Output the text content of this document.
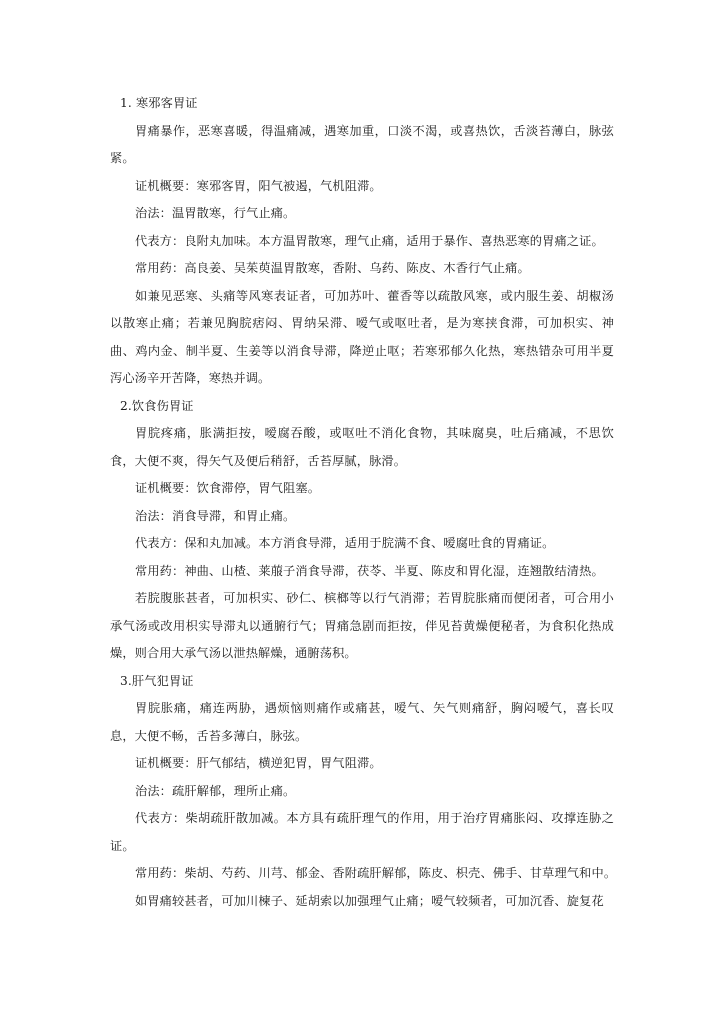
1. 寒邪客胃证

胃痛暴作，恶寒喜暖，得温痛减，遇寒加重，口淡不渴，或喜热饮，舌淡苔薄白，脉弦紧。

证机概要：寒邪客胃，阳气被遏，气机阻滞。

治法：温胃散寒，行气止痛。

代表方：良附丸加味。本方温胃散寒，理气止痛，适用于暴作、喜热恶寒的胃痛之证。

常用药：高良姜、吴茱萸温胃散寒，香附、乌药、陈皮、木香行气止痛。

如兼见恶寒、头痛等风寒表证者，可加苏叶、藿香等以疏散风寒，或内服生姜、胡椒汤以散寒止痛；若兼见胸脘痞闷、胃纳呆滞、嗳气或呕吐者，是为寒挟食滞，可加枳实、神曲、鸡内金、制半夏、生姜等以消食导滞，降逆止呕；若寒邪郁久化热，寒热错杂可用半夏泻心汤辛开苦降，寒热并调。

2.饮食伤胃证

胃脘疼痛，胀满拒按，嗳腐吞酸，或呕吐不消化食物，其味腐臭，吐后痛减，不思饮食，大便不爽，得矢气及便后稍舒，舌苔厚腻，脉滑。

证机概要：饮食滞停，胃气阻塞。

治法：消食导滞，和胃止痛。

代表方：保和丸加减。本方消食导滞，适用于脘满不食、嗳腐吐食的胃痛证。

常用药：神曲、山楂、莱菔子消食导滞，茯苓、半夏、陈皮和胃化湿，连翘散结清热。

若脘腹胀甚者，可加枳实、砂仁、槟榔等以行气消滞；若胃脘胀痛而便闭者，可合用小承气汤或改用枳实导滞丸以通腑行气；胃痛急剧而拒按，伴见苔黄燥便秘者，为食积化热成燥，则合用大承气汤以泄热解燥，通腑荡积。

3.肝气犯胃证

胃脘胀痛，痛连两胁，遇烦恼则痛作或痛甚，嗳气、矢气则痛舒，胸闷嗳气，喜长叹息，大便不畅，舌苔多薄白，脉弦。

证机概要：肝气郁结，横逆犯胃，胃气阻滞。

治法：疏肝解郁，理所止痛。

代表方：柴胡疏肝散加减。本方具有疏肝理气的作用，用于治疗胃痛胀闷、攻撑连胁之证。

常用药：柴胡、芍药、川芎、郁金、香附疏肝解郁，陈皮、枳壳、佛手、甘草理气和中。

如胃痛较甚者，可加川楝子、延胡索以加强理气止痛；嗳气较频者，可加沉香、旋复花
